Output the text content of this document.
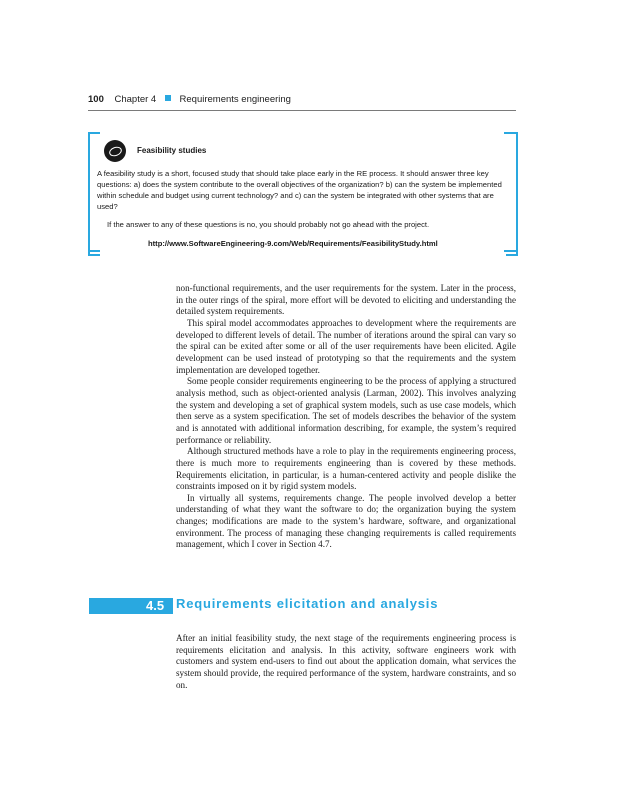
100 Chapter 4 Requirements engineering
Feasibility studies
A feasibility study is a short, focused study that should take place early in the RE process. It should answer three key questions: a) does the system contribute to the overall objectives of the organization? b) can the system be implemented within schedule and budget using current technology? and c) can the system be integrated with other systems that are used?
If the answer to any of these questions is no, you should probably not go ahead with the project.
http://www.SoftwareEngineering-9.com/Web/Requirements/FeasibilityStudy.html

non-functional requirements, and the user requirements for the system. Later in the process, in the outer rings of the spiral, more effort will be devoted to eliciting and understanding the detailed system requirements.

This spiral model accommodates approaches to development where the requirements are developed to different levels of detail. The number of iterations around the spiral can vary so the spiral can be exited after some or all of the user requirements have been elicited. Agile development can be used instead of prototyping so that the requirements and the system implementation are developed together.

Some people consider requirements engineering to be the process of applying a structured analysis method, such as object-oriented analysis (Larman, 2002). This involves analyzing the system and developing a set of graphical system models, such as use case models, which then serve as a system specification. The set of models describes the behavior of the system and is annotated with additional information describing, for example, the system’s required performance or reliability.

Although structured methods have a role to play in the requirements engineering process, there is much more to requirements engineering than is covered by these methods. Requirements elicitation, in particular, is a human-centered activity and people dislike the constraints imposed on it by rigid system models.

In virtually all systems, requirements change. The people involved develop a better understanding of what they want the software to do; the organization buying the system changes; modifications are made to the system’s hardware, software, and organizational environment. The process of managing these changing requirements is called requirements management, which I cover in Section 4.7.

4.5 Requirements elicitation and analysis

After an initial feasibility study, the next stage of the requirements engineering process is requirements elicitation and analysis. In this activity, software engineers work with customers and system end-users to find out about the application domain, what services the system should provide, the required performance of the system, hardware constraints, and so on.
